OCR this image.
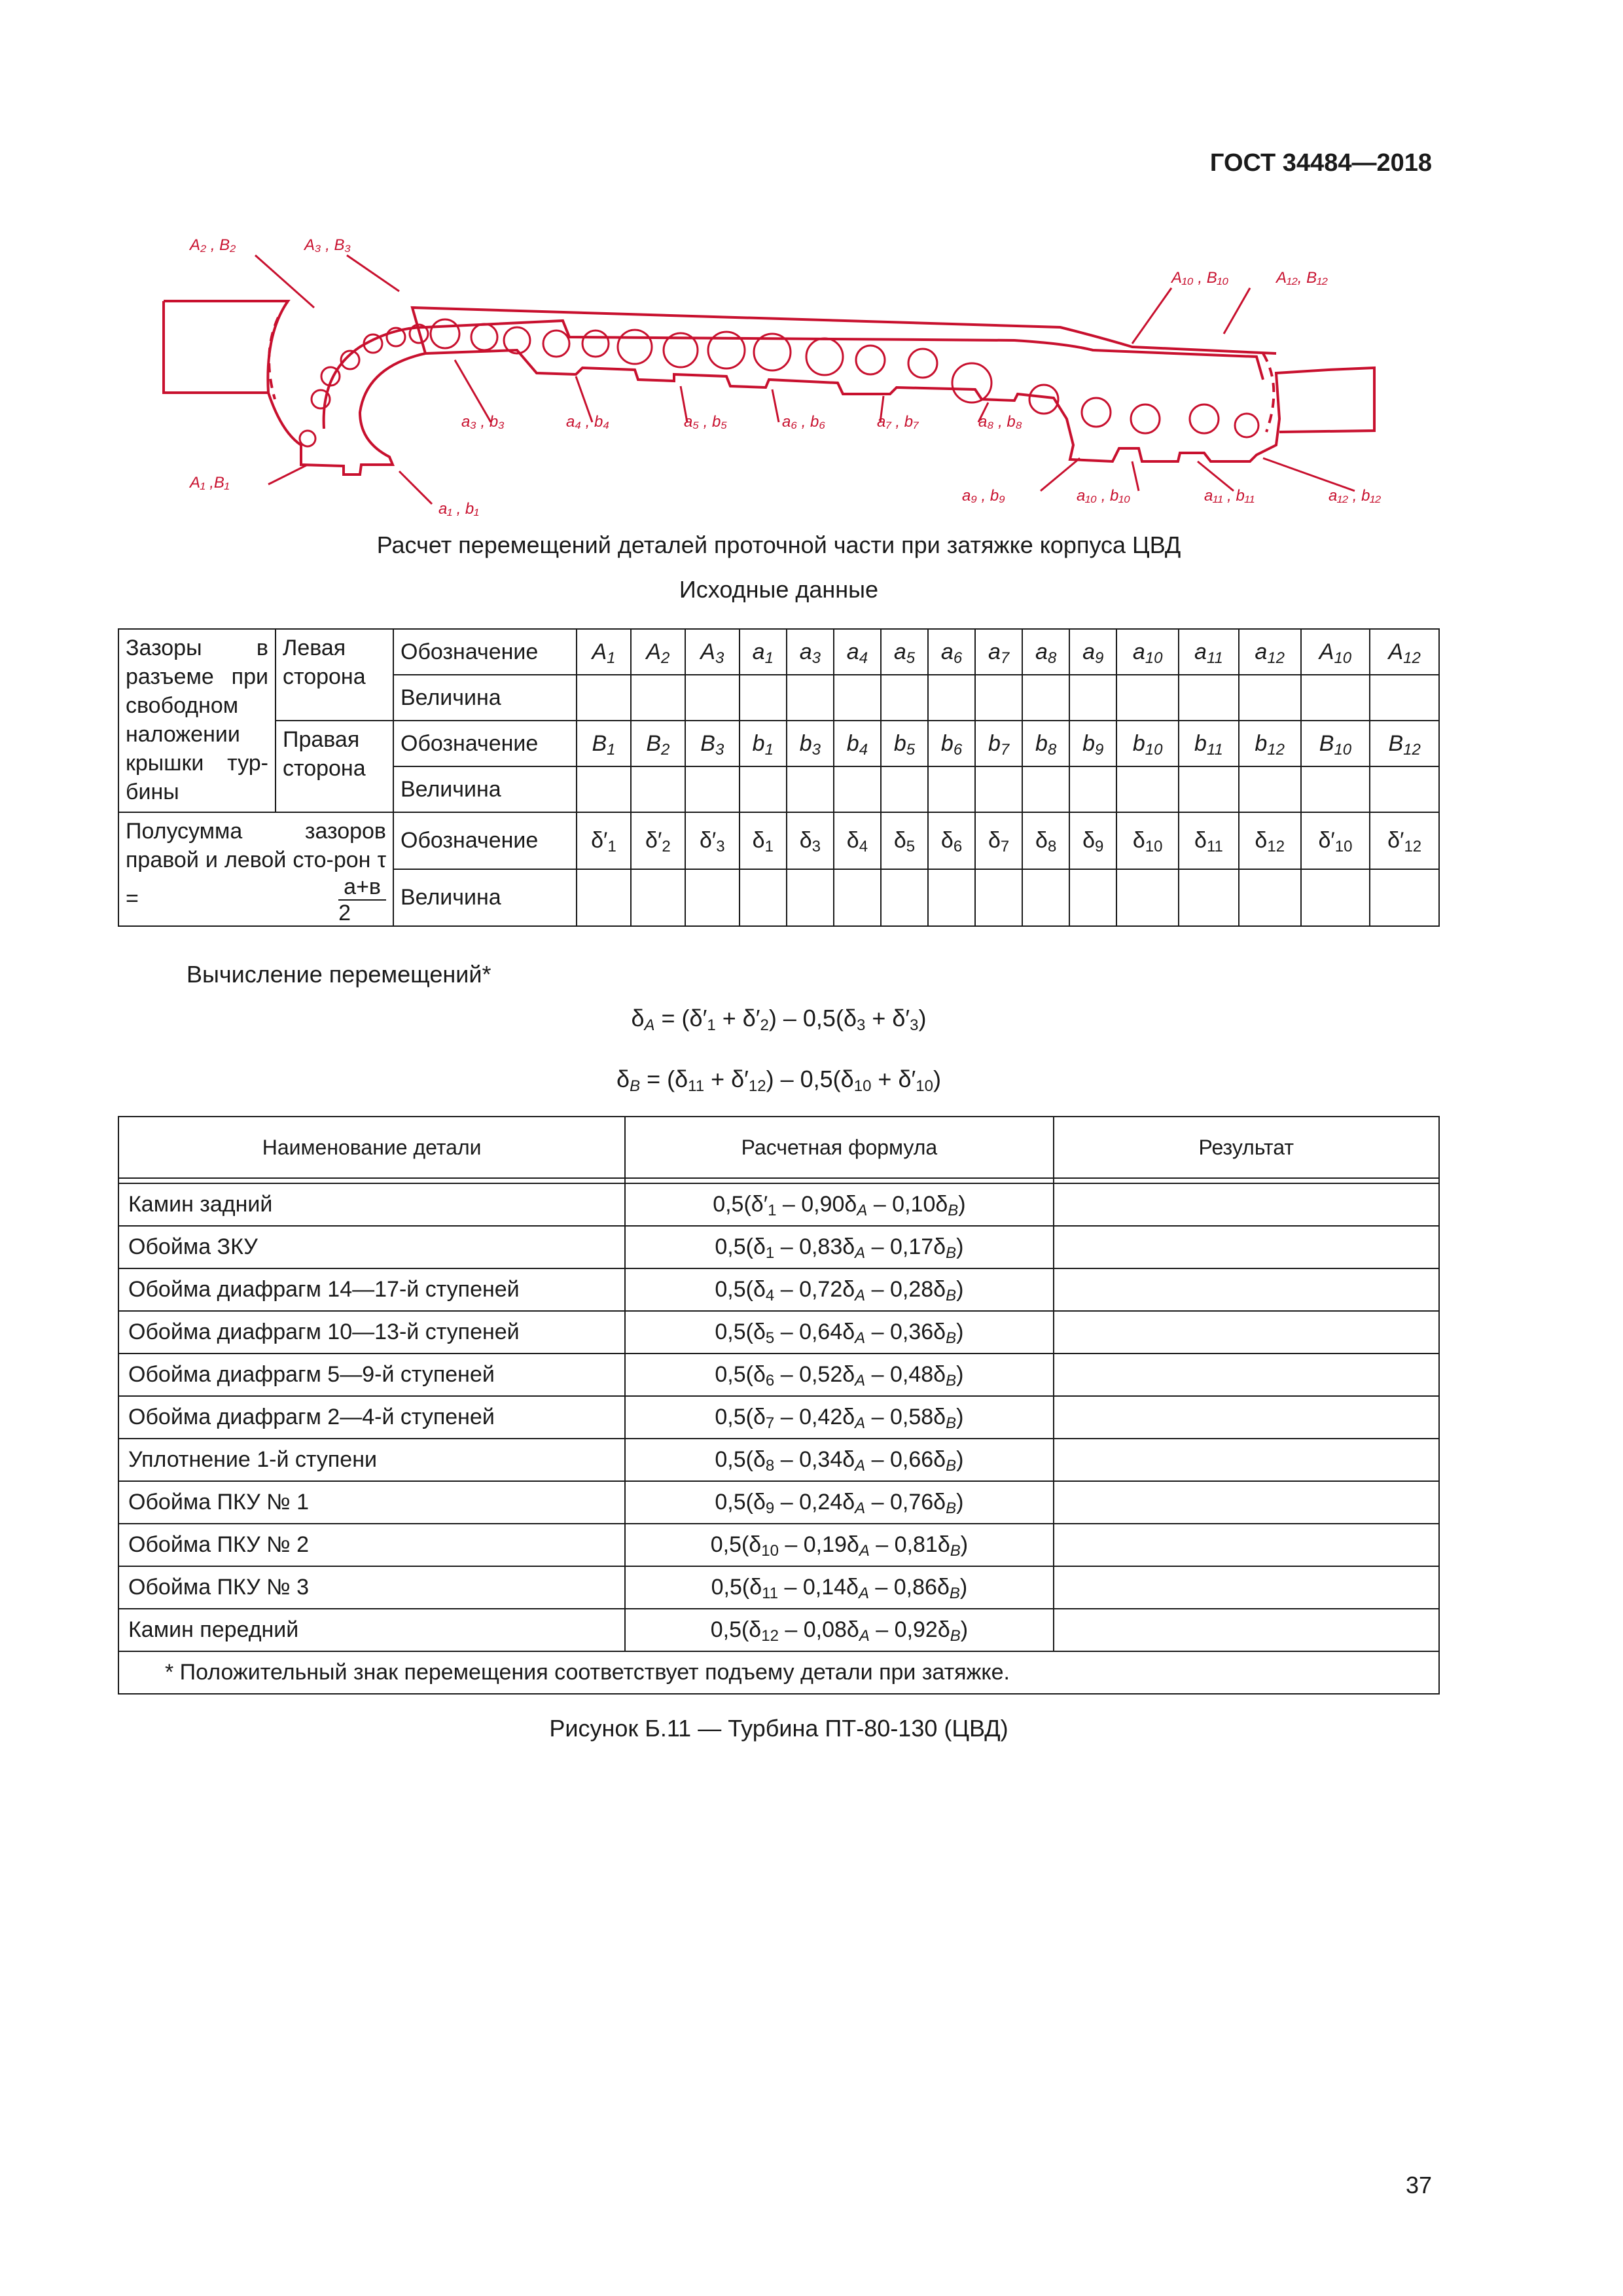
ГОСТ 34484—2018
A₂ , B₂	A₃ , B₃
A₁₀ , B₁₀	A₁₂, B₁₂
A₁ ,B₁
a₁ , b₁
a₃ , b₃	a₄ , b₄	a₅ , b₅	a₆ , b₆	a₇ , b₇	a₈ , b₈
a₉ , b₉	a₁₀ , b₁₀	a₁₁ , b₁₁	a₁₂ , b₁₂
Расчет перемещений деталей проточной части при затяжке корпуса ЦВД
Исходные данные
Зазоры в разъеме при свободном наложении крышки тур-бины	Левая сторона	Обозначение	$A_1$	$A_2$	$A_3$	$a_1$	$a_3$	$a_4$	$a_5$	$a_6$	$a_7$	$a_8$	$a_9$	$a_{10}$	$a_{11}$	$a_{12}$	$A_{10}$	$A_{12}$
		Величина																
	Правая сторона	Обозначение	$B_1$	$B_2$	$B_3$	$b_1$	$b_3$	$b_4$	$b_5$	$b_6$	$b_7$	$b_8$	$b_9$	$b_{10}$	$b_{11}$	$b_{12}$	$B_{10}$	$B_{12}$
		Величина																
Полусумма зазоров правой и левой сто-рон $\tau = \frac{а+в}{2}$		Обозначение	$\delta'_1$	$\delta'_2$	$\delta'_3$	$\delta_1$	$\delta_3$	$\delta_4$	$\delta_5$	$\delta_6$	$\delta_7$	$\delta_8$	$\delta_9$	$\delta_{10}$	$\delta_{11}$	$\delta_{12}$	$\delta'_{10}$	$\delta'_{12}$
		Величина																
Вычисление перемещений*
$\delta_A = (\delta'_1 + \delta'_2) - 0,5(\delta_3 + \delta'_3)$
$\delta_B = (\delta_{11} + \delta'_{12}) - 0,5(\delta_{10} + \delta'_{10})$
Наименование детали	Расчетная формула	Результат

Камин задний	$0,5(\delta'_1 - 0,90\delta_A - 0,10\delta_B)$	
Обойма ЗКУ	$0,5(\delta_1 - 0,83\delta_A - 0,17\delta_B)$	
Обойма диафрагм 14—17-й ступеней	$0,5(\delta_4 - 0,72\delta_A - 0,28\delta_B)$	
Обойма диафрагм 10—13-й ступеней	$0,5(\delta_5 - 0,64\delta_A - 0,36\delta_B)$	
Обойма диафрагм 5—9-й ступеней	$0,5(\delta_6 - 0,52\delta_A - 0,48\delta_B)$	
Обойма диафрагм 2—4-й ступеней	$0,5(\delta_7 - 0,42\delta_A - 0,58\delta_B)$	
Уплотнение 1-й ступени	$0,5(\delta_8 - 0,34\delta_A - 0,66\delta_B)$	
Обойма ПКУ № 1	$0,5(\delta_9 - 0,24\delta_A - 0,76\delta_B)$	
Обойма ПКУ № 2	$0,5(\delta_{10} - 0,19\delta_A - 0,81\delta_B)$	
Обойма ПКУ № 3	$0,5(\delta_{11} - 0,14\delta_A - 0,86\delta_B)$	
Камин передний	$0,5(\delta_{12} - 0,08\delta_A - 0,92\delta_B)$	
* Положительный знак перемещения соответствует подъему детали при затяжке.		
Рисунок Б.11 — Турбина ПТ-80-130 (ЦВД)
37
